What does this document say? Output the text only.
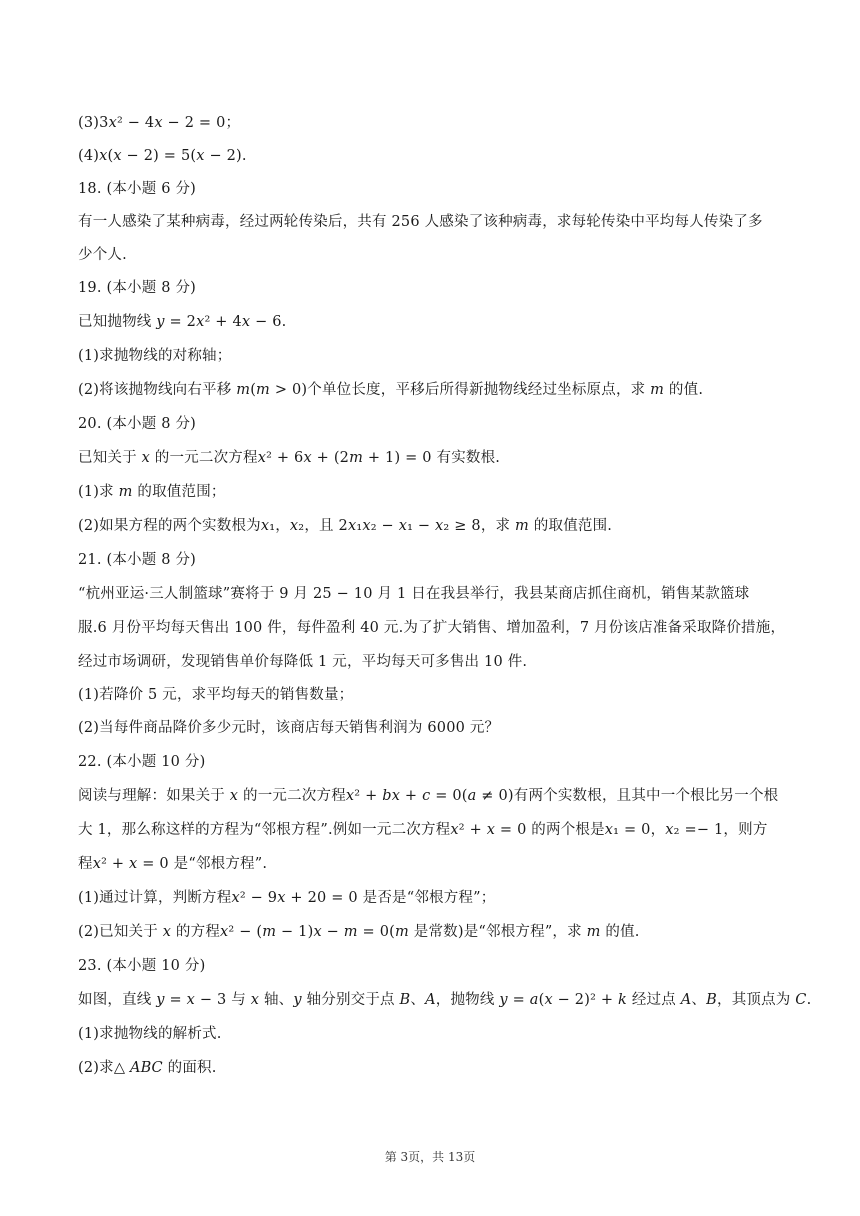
(3)3𝑥² − 4𝑥 − 2 = 0；
(4)𝑥(𝑥 − 2) = 5(𝑥 − 2).
18. (本小题 6 分)
有一人感染了某种病毒，经过两轮传染后，共有 256 人感染了该种病毒，求每轮传染中平均每人传染了多
少个人.
19. (本小题 8 分)
已知抛物线 𝑦 = 2𝑥² + 4𝑥 − 6.
(1)求抛物线的对称轴；
(2)将该抛物线向右平移 𝑚(𝑚 > 0)个单位长度，平移后所得新抛物线经过坐标原点，求 𝑚 的值.
20. (本小题 8 分)
已知关于 𝑥 的一元二次方程𝑥² + 6𝑥 + (2𝑚 + 1) = 0 有实数根.
(1)求 𝑚 的取值范围；
(2)如果方程的两个实数根为𝑥₁，𝑥₂，且 2𝑥₁𝑥₂ − 𝑥₁ − 𝑥₂ ≥ 8，求 𝑚 的取值范围.
21. (本小题 8 分)
“杭州亚运·三人制篮球”赛将于 9 月 25 − 10 月 1 日在我县举行，我县某商店抓住商机，销售某款篮球
服.6 月份平均每天售出 100 件，每件盈利 40 元.为了扩大销售、增加盈利，7 月份该店准备采取降价措施，
经过市场调研，发现销售单价每降低 1 元，平均每天可多售出 10 件.
(1)若降价 5 元，求平均每天的销售数量；
(2)当每件商品降价多少元时，该商店每天销售利润为 6000 元？
22. (本小题 10 分)
阅读与理解：如果关于 𝑥 的一元二次方程𝑥² + 𝑏𝑥 + 𝑐 = 0(𝑎 ≠ 0)有两个实数根，且其中一个根比另一个根
大 1，那么称这样的方程为“邻根方程”.例如一元二次方程𝑥² + 𝑥 = 0 的两个根是𝑥₁ = 0，𝑥₂ =− 1，则方
程𝑥² + 𝑥 = 0 是“邻根方程”.
(1)通过计算，判断方程𝑥² − 9𝑥 + 20 = 0 是否是“邻根方程”；
(2)已知关于 𝑥 的方程𝑥² − (𝑚 − 1)𝑥 − 𝑚 = 0(𝑚 是常数)是“邻根方程”，求 𝑚 的值.
23. (本小题 10 分)
如图，直线 𝑦 = 𝑥 − 3 与 𝑥 轴、𝑦 轴分别交于点 𝐵、𝐴，抛物线 𝑦 = 𝑎(𝑥 − 2)² + 𝑘 经过点 𝐴、𝐵，其顶点为 𝐶.
(1)求抛物线的解析式.
(2)求△ 𝐴𝐵𝐶 的面积.
第 3页，共 13页
